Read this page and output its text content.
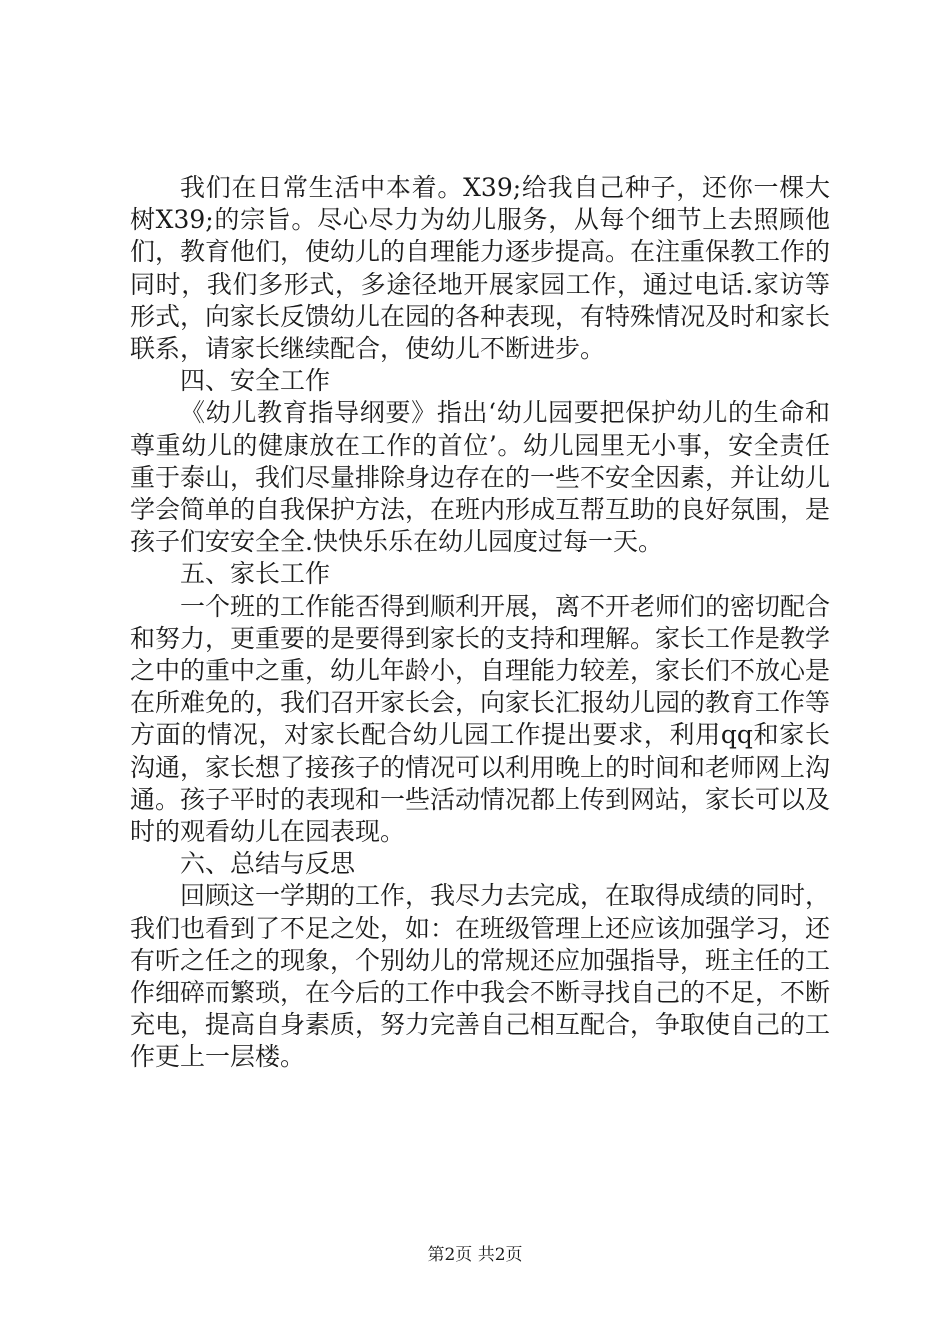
我们在日常生活中本着。X39;给我自己种子，还你一棵大树X39;的宗旨。尽心尽力为幼儿服务，从每个细节上去照顾他们，教育他们，使幼儿的自理能力逐步提高。在注重保教工作的同时，我们多形式，多途径地开展家园工作，通过电话.家访等形式，向家长反馈幼儿在园的各种表现，有特殊情况及时和家长联系，请家长继续配合，使幼儿不断进步。

四、安全工作

《幼儿教育指导纲要》指出‘幼儿园要把保护幼儿的生命和尊重幼儿的健康放在工作的首位’。幼儿园里无小事，安全责任重于泰山，我们尽量排除身边存在的一些不安全因素，并让幼儿学会简单的自我保护方法，在班内形成互帮互助的良好氛围，是孩子们安安全全.快快乐乐在幼儿园度过每一天。

五、家长工作

一个班的工作能否得到顺利开展，离不开老师们的密切配合和努力，更重要的是要得到家长的支持和理解。家长工作是教学之中的重中之重，幼儿年龄小，自理能力较差，家长们不放心是在所难免的，我们召开家长会，向家长汇报幼儿园的教育工作等方面的情况，对家长配合幼儿园工作提出要求，利用qq和家长沟通，家长想了接孩子的情况可以利用晚上的时间和老师网上沟通。孩子平时的表现和一些活动情况都上传到网站，家长可以及时的观看幼儿在园表现。

六、总结与反思

回顾这一学期的工作，我尽力去完成，在取得成绩的同时，我们也看到了不足之处，如：在班级管理上还应该加强学习，还有听之任之的现象，个别幼儿的常规还应加强指导，班主任的工作细碎而繁琐，在今后的工作中我会不断寻找自己的不足，不断充电，提高自身素质，努力完善自己相互配合，争取使自己的工作更上一层楼。

第2页 共2页
